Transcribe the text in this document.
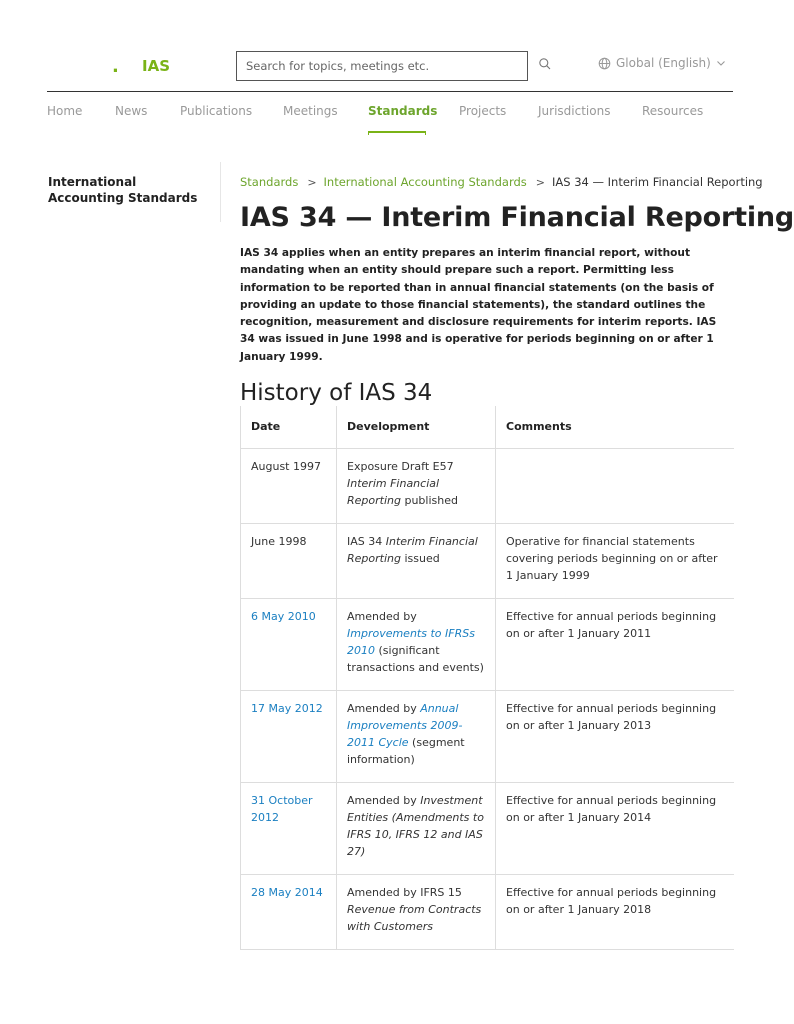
. IAS
Search for topics, meetings etc.	Global (English)
Home	News	Publications	Meetings	Standards Projects	Jurisdictions	Resources
International Accounting Standards
Standards > International Accounting Standards > IAS 34 — Interim Financial Reporting
IAS 34 — Interim Financial Reporting

IAS 34 applies when an entity prepares an interim financial report, without mandating when an entity should prepare such a report. Permitting less information to be reported than in annual financial statements (on the basis of providing an update to those financial statements), the standard outlines the recognition, measurement and disclosure requirements for interim reports. IAS 34 was issued in June 1998 and is operative for periods beginning on or after 1 January 1999.

History of IAS 34
Date	Development	Comments
August 1997	Exposure Draft E57 Interim Financial Reporting published	
June 1998	IAS 34 Interim Financial Reporting issued	Operative for financial statements covering periods beginning on or after 1 January 1999
6 May 2010	Amended by Improvements to IFRSs 2010 (significant transactions and events)	Effective for annual periods beginning on or after 1 January 2011
17 May 2012	Amended by Annual Improvements 2009-2011 Cycle (segment information)	Effective for annual periods beginning on or after 1 January 2013
31 October 2012	Amended by Investment Entities (Amendments to IFRS 10, IFRS 12 and IAS 27)	Effective for annual periods beginning on or after 1 January 2014
28 May 2014	Amended by IFRS 15 Revenue from Contracts with Customers	Effective for annual periods beginning on or after 1 January 2018
